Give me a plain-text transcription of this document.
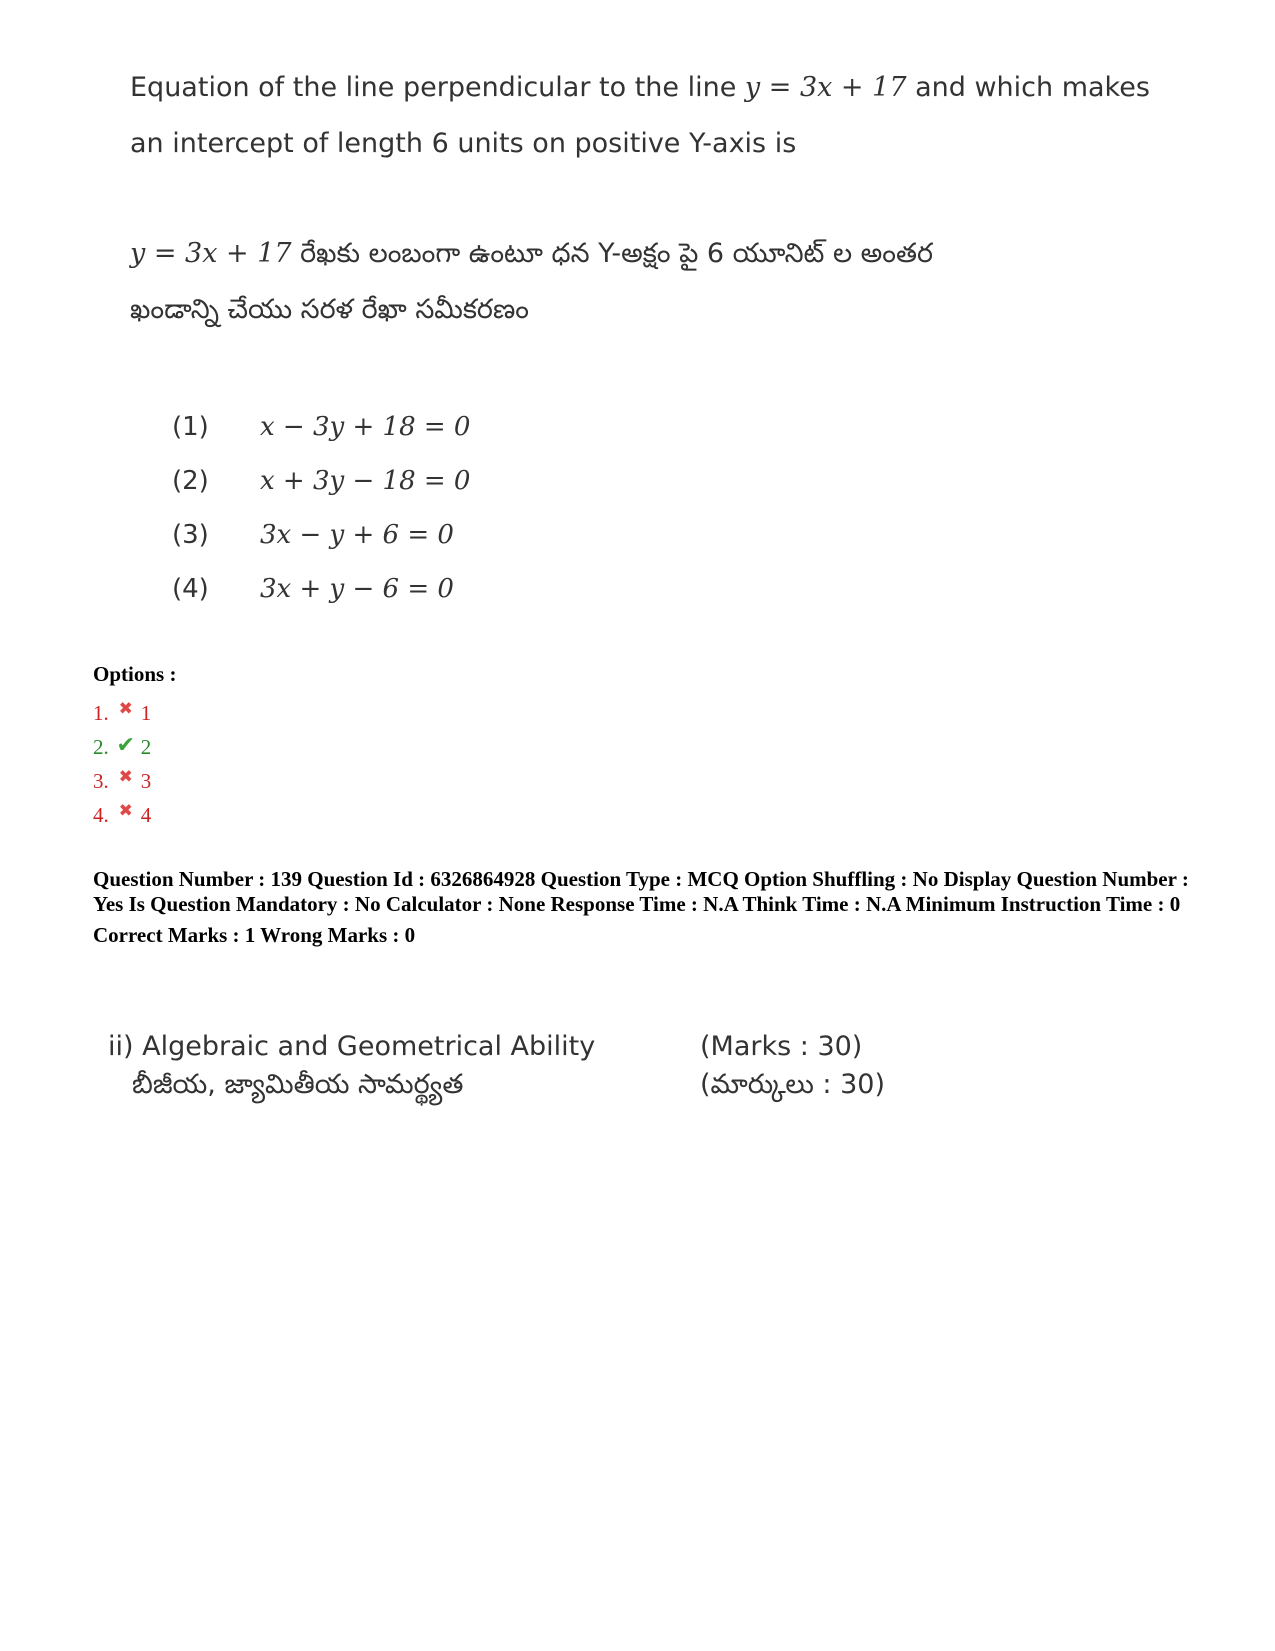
Equation of the line perpendicular to the line y = 3x + 17 and which makes
an intercept of length 6 units on positive Y-axis is
y = 3x + 17 రేఖకు లంబంగా ఉంటూ ధన Y-అక్షం పై 6 యూనిట్ ల అంతర
ఖండాన్ని చేయు సరళ రేఖా సమీకరణం
(1)	x − 3y + 18 = 0
(2)	x + 3y − 18 = 0
(3)	3x − y + 6 = 0
(4)	3x + y − 6 = 0
Options :
1. ✖ 1
2. ✔ 2
3. ✖ 3
4. ✖ 4
Question Number : 139 Question Id : 6326864928 Question Type : MCQ Option Shuffling : No Display Question Number : Yes Is Question Mandatory : No Calculator : None Response Time : N.A Think Time : N.A Minimum Instruction Time : 0
Correct Marks : 1 Wrong Marks : 0
ii) Algebraic and Geometrical Ability	(Marks : 30)
బీజీయ, జ్యామితీయ సామర్థ్యత	(మార్కులు : 30)
